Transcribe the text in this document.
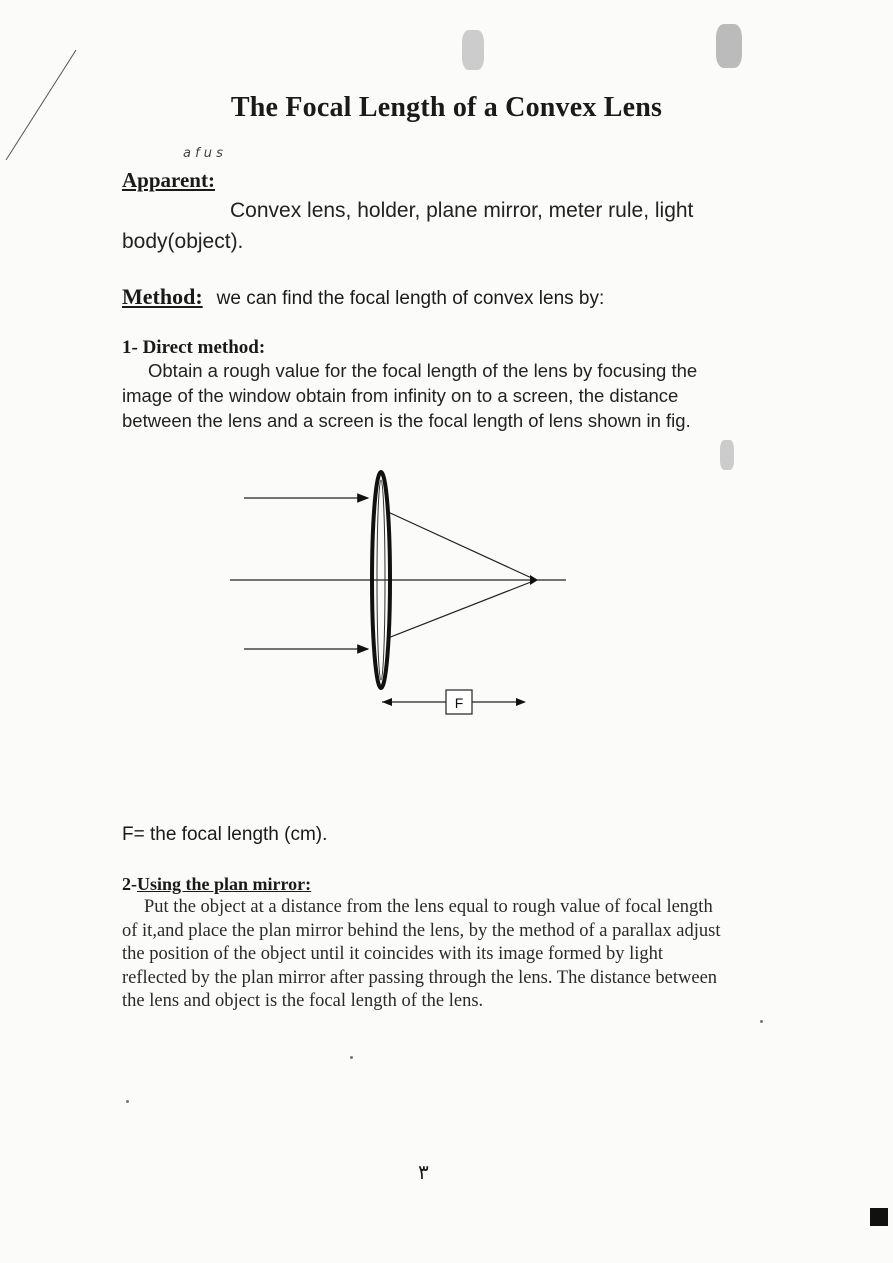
The Focal Length of a Convex Lens
a f u s
Apparent:
Convex lens, holder, plane mirror, meter rule, light body(object).
Method: we can find the focal length of convex lens by:
1- Direct method:
Obtain a rough value for the focal length of the lens by focusing the image of the window obtain from infinity on to a screen, the distance between the lens and a screen is the focal length of lens shown in fig.
F
F= the focal length (cm).
2-Using the plan mirror:
Put the object at a distance from the lens equal to rough value of focal length of it,and place the plan mirror behind the lens, by the method of a parallax adjust the position of the object until it coincides with its image formed by light reflected by the plan mirror after passing through the lens. The distance between the lens and object is the focal length of the lens.
٣
